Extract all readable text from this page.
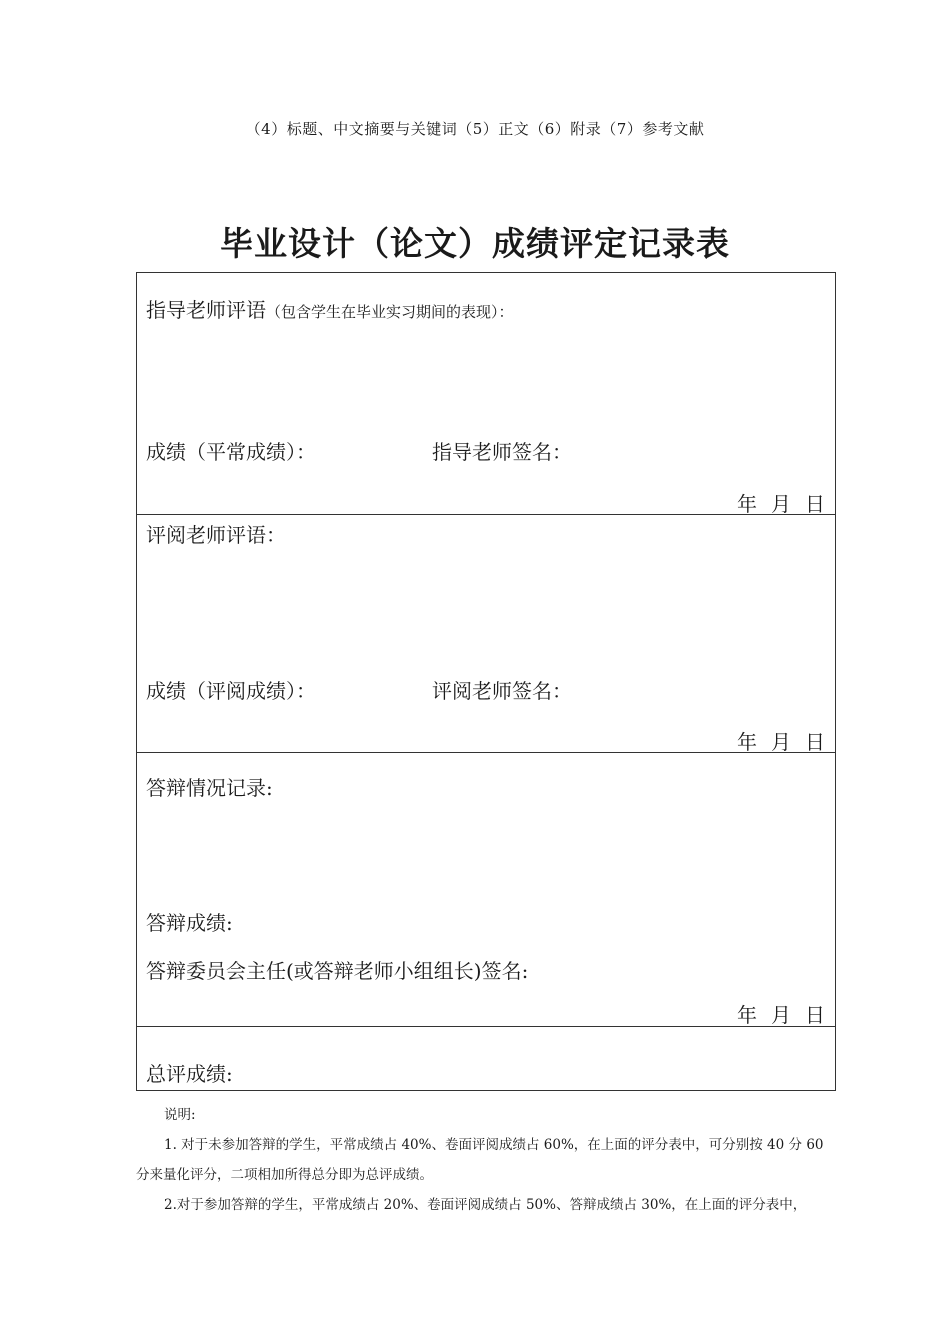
（4）标题、中文摘要与关键词（5）正文（6）附录（7）参考文献
毕业设计（论文）成绩评定记录表
指导老师评语（包含学生在毕业实习期间的表现）：
成绩（平常成绩）：	指导老师签名：
年 月 日
评阅老师评语：
成绩（评阅成绩）：	评阅老师签名：
年 月 日
答辩情况记录:
答辩成绩:
答辩委员会主任(或答辩老师小组组长)签名:
年 月 日
总评成绩:

说明:

1. 对于未参加答辩的学生，平常成绩占 40%、卷面评阅成绩占 60%，在上面的评分表中，可分别按 40 分 60 分来量化评分，二项相加所得总分即为总评成绩。

2.对于参加答辩的学生，平常成绩占 20%、卷面评阅成绩占 50%、答辩成绩占 30%，在上面的评分表中，
